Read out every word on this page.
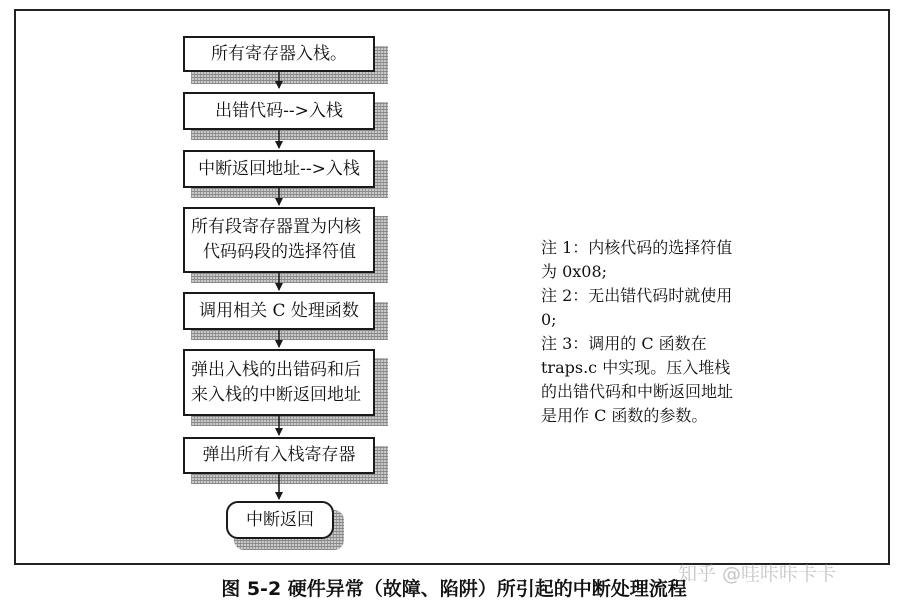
所有寄存器入栈。
出错代码-->入栈
中断返回地址-->入栈
所有段寄存器置为内核
代码码段的选择符值
调用相关 C 处理函数
弹出入栈的出错码和后
来入栈的中断返回地址
弹出所有入栈寄存器
中断返回
注 1：内核代码的选择符值为 0x08;
注 2：无出错代码时就使用 0;
注 3：调用的 C 函数在 traps.c 中实现。压入堆栈的出错代码和中断返回地址是用作 C 函数的参数。
图 5-2 硬件异常（故障、陷阱）所引起的中断处理流程
知乎 @哇咔咔卡卡
